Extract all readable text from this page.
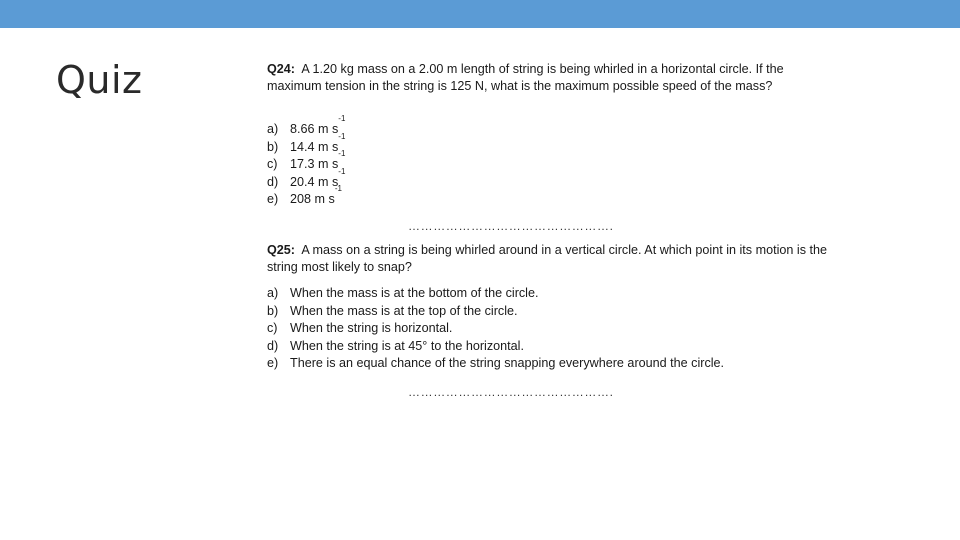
Quiz	Q24: A 1.20 kg mass on a 2.00 m length of string is being whirled in a horizontal circle. If the maximum tension in the string is 125 N, what is the maximum possible speed of the mass?

a) 8.66 m s
$^{-1}$
b) 14.4 m s
$^{-1}$
c) 17.3 m s
$^{-1}$
d) 20.4 m s
$^{-1}$
e) 208 m s
$^{-1}$
………………………………………….

Q25: A mass on a string is being whirled around in a vertical circle. At which point in its motion is the string most likely to snap?

a) When the mass is at the bottom of the circle.
b) When the mass is at the top of the circle.
c) When the string is horizontal.
d) When the string is at 45° to the horizontal.
e) There is an equal chance of the string snapping everywhere around the circle.
………………………………………….
